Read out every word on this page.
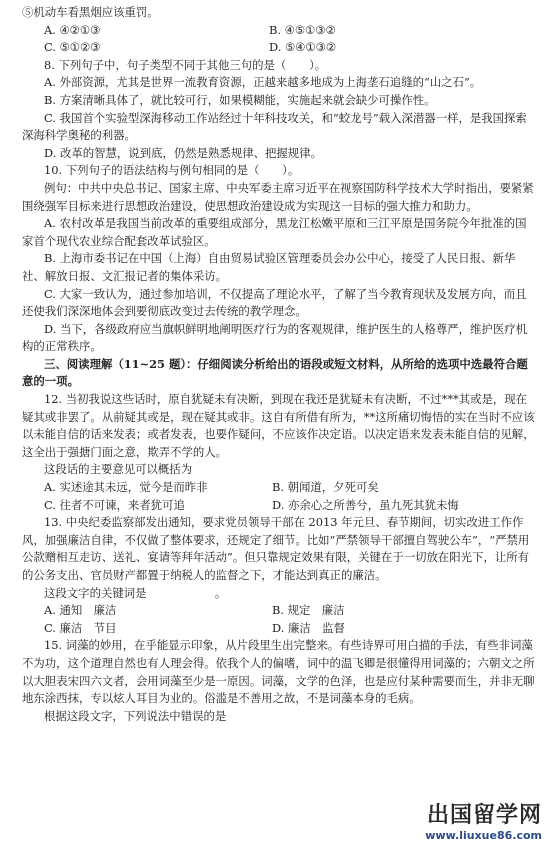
⑤机动车看黑烟应该重罚。

A. ④②①③	B. ④⑤①③②
C. ⑤①②③	D. ⑤④①③②

8. 下列句子中，句子类型不同于其他三句的是（　　）。

A. 外部资源，尤其是世界一流教育资源，正越来越多地成为上海垄石追缝的“山之石”。

B. 方案清晰具体了，就比较可行，如果模糊能，实施起来就会缺少可操作性。

C. 我国首个实验型深海移动工作站经过十年科技攻关，和“蛟龙号”载入深潜器一样，是我国探索深海科学奥秘的利器。

D. 改革的智慧，说到底，仍然是熟悉规律、把握规律。

10. 下列句子的语法结构与例句相同的是（　　）。

例句：中共中央总书记、国家主席、中央军委主席习近平在视察国防科学技术大学时指出，要紧紧围绕强军目标来进行思想政治建设，使思想政治建设成为实现这一目标的强大推力和助力。

A. 农村改革是我国当前改革的重要组成部分，黑龙江松嫩平原和三江平原是国务院今年批准的国家首个现代农业综合配套改革试验区。

B. 上海市委书记在中国（上海）自由贸易试验区管理委员会办公中心，接受了人民日报、新华社、解放日报、文汇报记者的集体采访。

C. 大家一致认为，通过参加培训，不仅提高了理论水平，了解了当今教育现状及发展方向，而且还使我们深深地体会到要彻底改变过去传统的教学理念。

D. 当下，各级政府应当旗帜鲜明地阐明医疗行为的客观规律，维护医生的人格尊严，维护医疗机构的正常秩序。

三、阅读理解（11~25 题）：仔细阅读分析给出的语段或短文材料，从所给的选项中选最符合题意的一项。

12. 当初我说这些话时，原自犹疑未有决断，到现在我还是犹疑未有决断，不过***其或是，现在疑其或非罢了。从前疑其或是，现在疑其或非。这自有所借有所为，**这所痛切悔悟的实在当时不应该以未能自信的话来发表；或者发表，也要作疑问，不应该作决定语。以决定语来发表未能自信的见解，这全出于强搪门面之意，欺弄不学的人。

这段话的主要意见可以概括为

A. 实述途其未远，觉今是而昨非	B. 朝闻道，夕死可矣
C. 往者不可谏，来者犹可追	D. 亦余心之所善兮，虽九死其犹未悔

13. 中央纪委监察部发出通知，要求党员领导干部在 2013 年元旦、春节期间，切实改进工作作风，加强廉洁自律，不仅做了整体要求，还规定了细节。比如“严禁领导干部擅自驾驶公车”，“严禁用公款赠相互走访、送礼、宴请等拜年活动”。但只靠规定效果有限，关键在于一切放在阳光下，让所有的公务支出、官员财产都置于纳税人的监督之下，才能达到真正的廉洁。

这段文字的关键词是　　　　　　。

A. 通知　廉洁	B. 规定　廉洁
C. 廉洁　节目	D. 廉洁　监督

15. 词藻的妙用，在乎能显示印象，从片段里生出完整来。有些诗界可用白描的手法，有些非词藻不为功，这个道理自然也有人理会得。依我个人的偏嗜，词中的温飞卿是很懂得用词藻的；六朝文之所以大胆表宋四六文者，会用词藻至少是一原因。词藻，文学的色泽，也是应付某种需要而生，并非无聊地东涂西抹，专以炫人耳目为业的。俗滥是不善用之故，不是词藻本身的毛病。

根据这段文字，下列说法中错误的是

出国留学网
www.liuxue86.com
